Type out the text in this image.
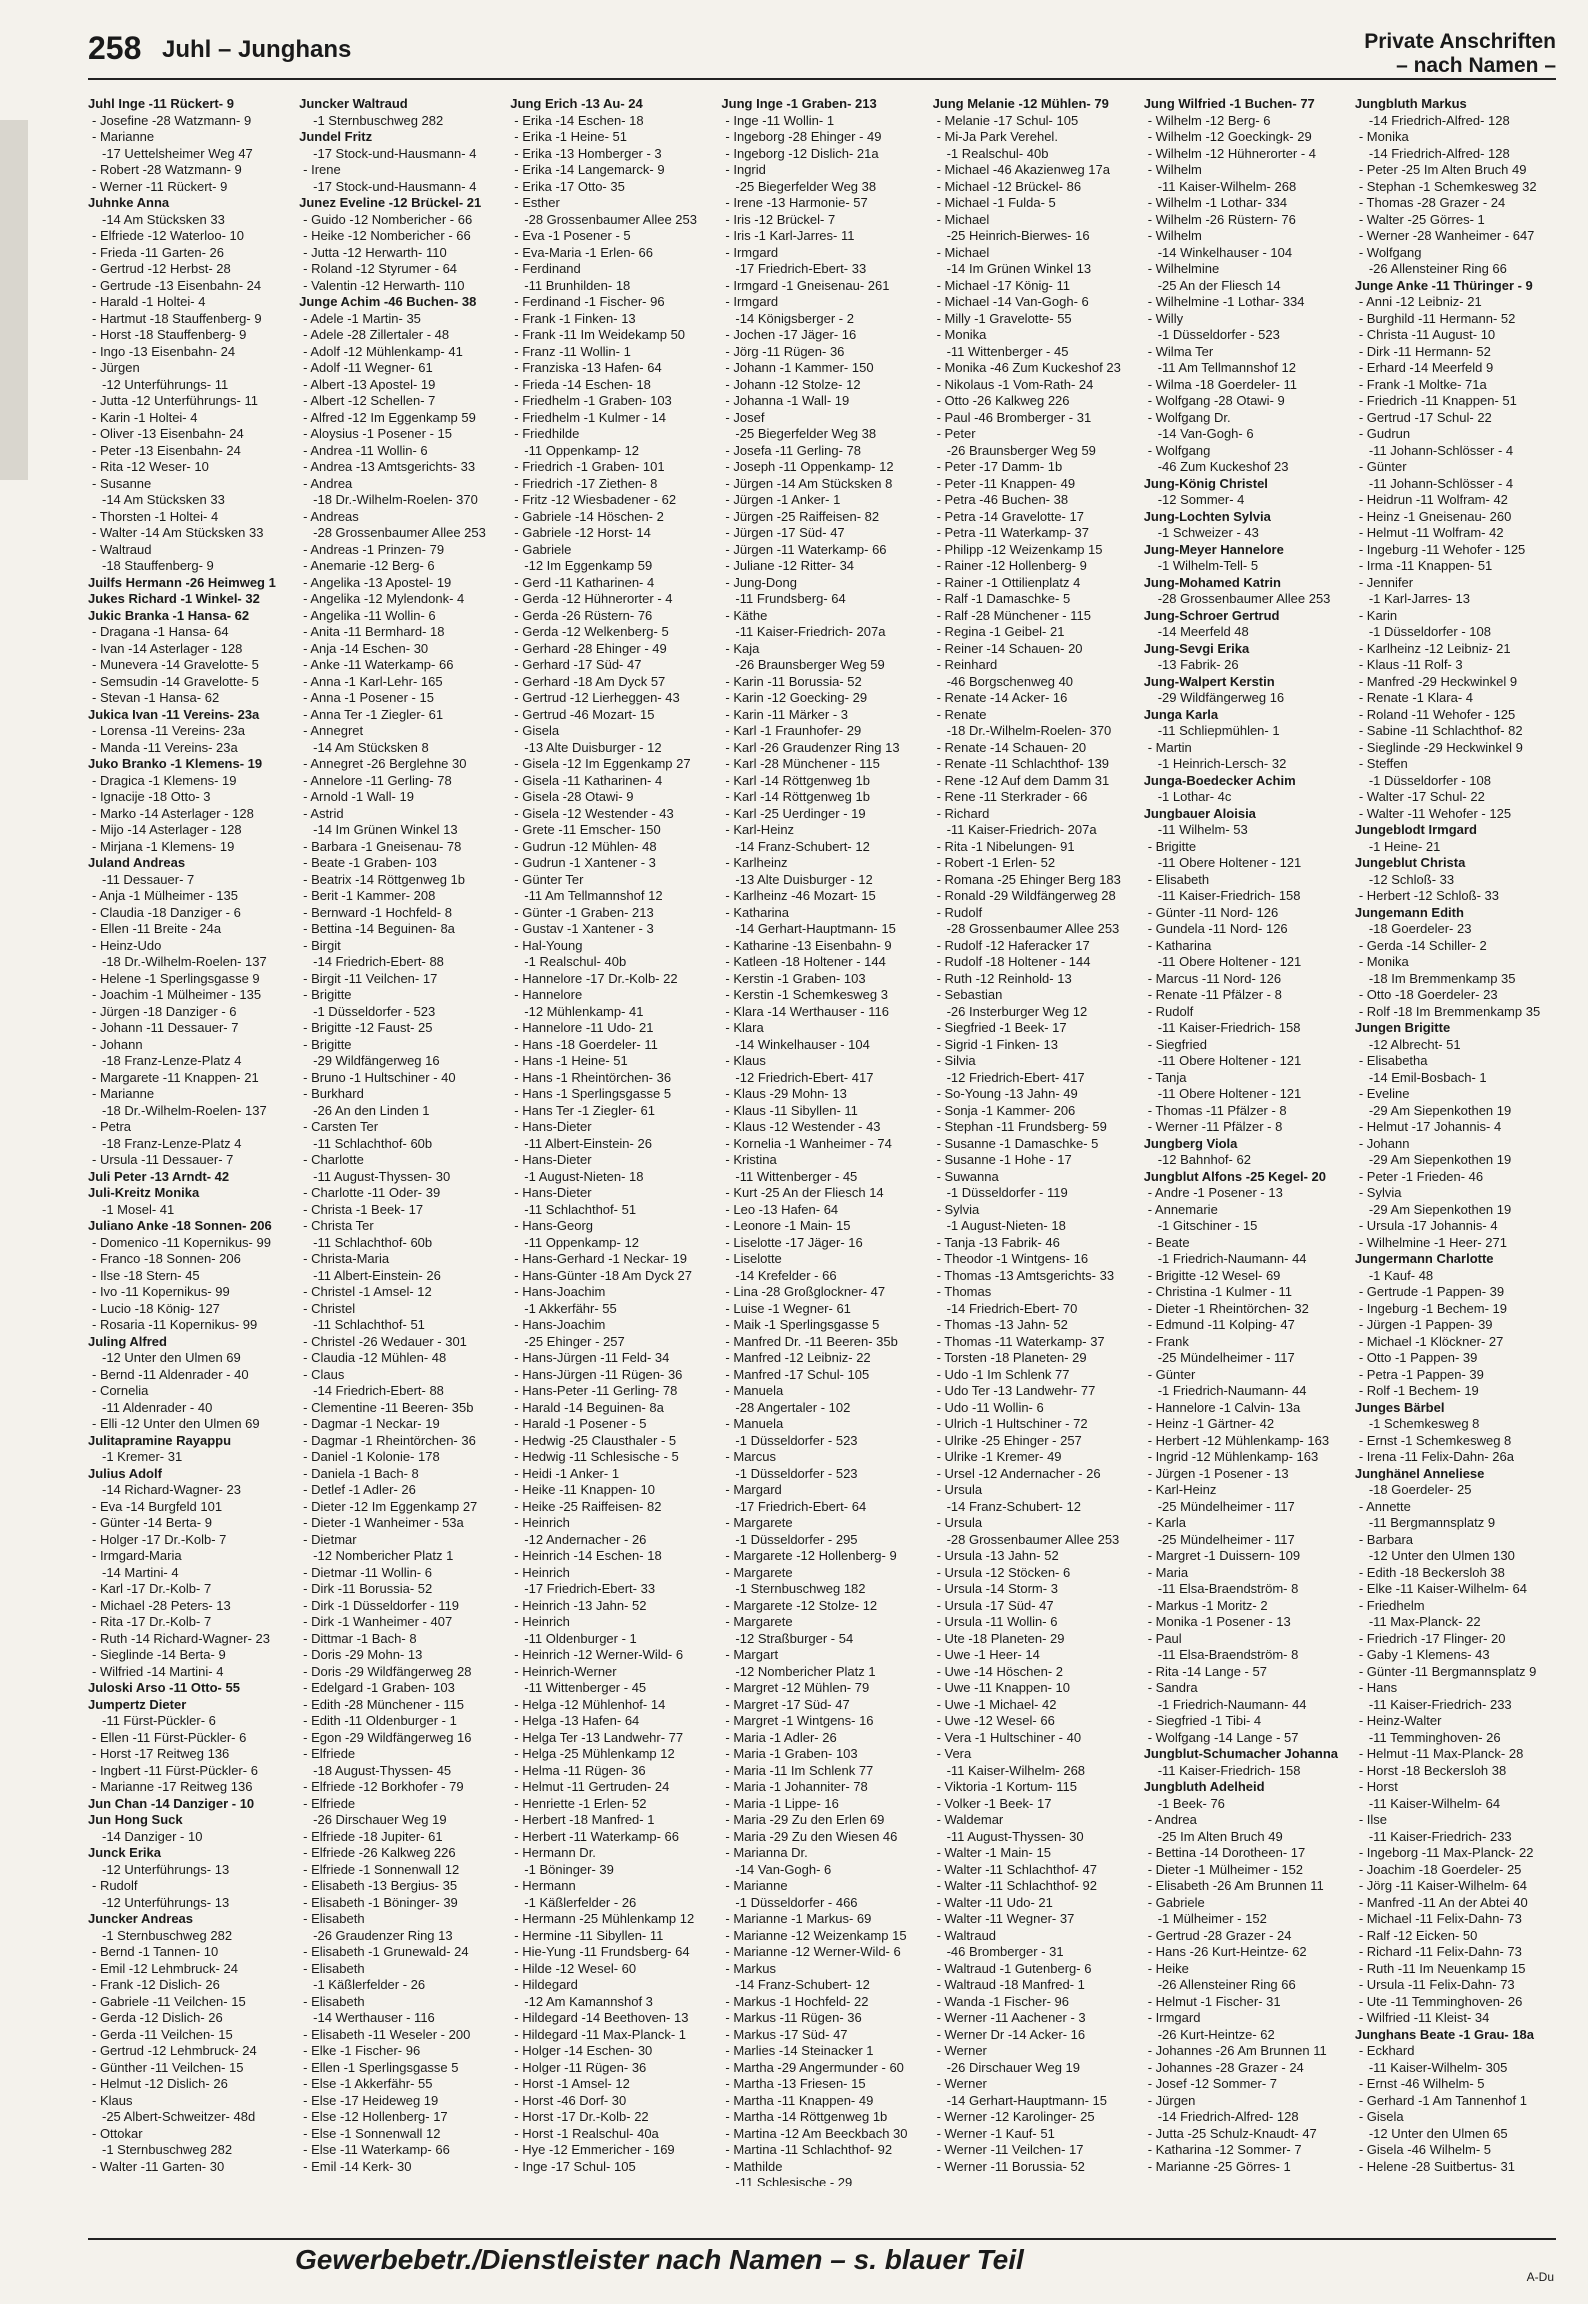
258 Juhl – Junghans	Private Anschriften
– nach Namen –
Juhl Inge -11 Rückert- 9
- Josefine -28 Watzmann- 9
- Marianne
-17 Uettelsheimer Weg 47
- Robert -28 Watzmann- 9
- Werner -11 Rückert- 9
Juhnke Anna
-14 Am Stücksken 33
- Elfriede -12 Waterloo- 10
- Frieda -11 Garten- 26
- Gertrud -12 Herbst- 28
- Gertrude -13 Eisenbahn- 24
- Harald -1 Holtei- 4
- Hartmut -18 Stauffenberg- 9
- Horst -18 Stauffenberg- 9
- Ingo -13 Eisenbahn- 24
- Jürgen
-12 Unterführungs- 11
- Jutta -12 Unterführungs- 11
- Karin -1 Holtei- 4
- Oliver -13 Eisenbahn- 24
- Peter -13 Eisenbahn- 24
- Rita -12 Weser- 10
- Susanne
-14 Am Stücksken 33
- Thorsten -1 Holtei- 4
- Walter -14 Am Stücksken 33
- Waltraud
-18 Stauffenberg- 9
Juilfs Hermann -26 Heimweg 1
Jukes Richard -1 Winkel- 32
Jukic Branka -1 Hansa- 62
- Dragana -1 Hansa- 64
- Ivan -14 Asterlager - 128
- Munevera -14 Gravelotte- 5
- Semsudin -14 Gravelotte- 5
- Stevan -1 Hansa- 62
Jukica Ivan -11 Vereins- 23a
- Lorensa -11 Vereins- 23a
- Manda -11 Vereins- 23a
Juko Branko -1 Klemens- 19
- Dragica -1 Klemens- 19
- Ignacije -18 Otto- 3
- Marko -14 Asterlager - 128
- Mijo -14 Asterlager - 128
- Mirjana -1 Klemens- 19
Juland Andreas
-11 Dessauer- 7
- Anja -1 Mülheimer - 135
- Claudia -18 Danziger - 6
- Ellen -11 Breite - 24a
- Heinz-Udo
-18 Dr.-Wilhelm-Roelen- 137
- Helene -1 Sperlingsgasse 9
- Joachim -1 Mülheimer - 135
- Jürgen -18 Danziger - 6
- Johann -11 Dessauer- 7
- Johann
-18 Franz-Lenze-Platz 4
- Margarete -11 Knappen- 21
- Marianne
-18 Dr.-Wilhelm-Roelen- 137
- Petra
-18 Franz-Lenze-Platz 4
- Ursula -11 Dessauer- 7
Juli Peter -13 Arndt- 42
Juli-Kreitz Monika
-1 Mosel- 41
Juliano Anke -18 Sonnen- 206
- Domenico -11 Kopernikus- 99
- Franco -18 Sonnen- 206
- Ilse -18 Stern- 45
- Ivo -11 Kopernikus- 99
- Lucio -18 König- 127
- Rosaria -11 Kopernikus- 99
Juling Alfred
-12 Unter den Ulmen 69
- Bernd -11 Aldenrader - 40
- Cornelia
-11 Aldenrader - 40
- Elli -12 Unter den Ulmen 69
Julitapramine Rayappu
-1 Kremer- 31
Julius Adolf
-14 Richard-Wagner- 23
- Eva -14 Burgfeld 101
- Günter -14 Berta- 9
- Holger -17 Dr.-Kolb- 7
- Irmgard-Maria
-14 Martini- 4
- Karl -17 Dr.-Kolb- 7
- Michael -28 Peters- 13
- Rita -17 Dr.-Kolb- 7
- Ruth -14 Richard-Wagner- 23
- Sieglinde -14 Berta- 9
- Wilfried -14 Martini- 4
Juloski Arso -11 Otto- 55
Jumpertz Dieter
-11 Fürst-Pückler- 6
- Ellen -11 Fürst-Pückler- 6
- Horst -17 Reitweg 136
- Ingbert -11 Fürst-Pückler- 6
- Marianne -17 Reitweg 136
Jun Chan -14 Danziger - 10
Jun Hong Suck
-14 Danziger - 10
Junck Erika
-12 Unterführungs- 13
- Rudolf
-12 Unterführungs- 13
Juncker Andreas
-1 Sternbuschweg 282
- Bernd -1 Tannen- 10
- Emil -12 Lehmbruck- 24
- Frank -12 Dislich- 26
- Gabriele -11 Veilchen- 15
- Gerda -12 Dislich- 26
- Gerda -11 Veilchen- 15
- Gertrud -12 Lehmbruck- 24
- Günther -11 Veilchen- 15
- Helmut -12 Dislich- 26
- Klaus
-25 Albert-Schweitzer- 48d
- Ottokar
-1 Sternbuschweg 282
- Walter -11 Garten- 30
Juncker Waltraud
-1 Sternbuschweg 282
Jundel Fritz
-17 Stock-und-Hausmann- 4
- Irene
-17 Stock-und-Hausmann- 4
Junez Eveline -12 Brückel- 21
- Guido -12 Nombericher - 66
- Heike -12 Nombericher - 66
- Jutta -12 Herwarth- 110
- Roland -12 Styrumer - 64
- Valentin -12 Herwarth- 110
Junge Achim -46 Buchen- 38
- Adele -1 Martin- 35
- Adele -28 Zillertaler - 48
- Adolf -12 Mühlenkamp- 41
- Adolf -11 Wegner- 61
- Albert -13 Apostel- 19
- Albert -12 Schellen- 7
- Alfred -12 Im Eggenkamp 59
- Aloysius -1 Posener - 15
- Andrea -11 Wollin- 6
- Andrea -13 Amtsgerichts- 33
- Andrea
-18 Dr.-Wilhelm-Roelen- 370
- Andreas
-28 Grossenbaumer Allee 253
- Andreas -1 Prinzen- 79
- Anemarie -12 Berg- 6
- Angelika -13 Apostel- 19
- Angelika -12 Mylendonk- 4
- Angelika -11 Wollin- 6
- Anita -11 Bermhard- 18
- Anja -14 Eschen- 30
- Anke -11 Waterkamp- 66
- Anna -1 Karl-Lehr- 165
- Anna -1 Posener - 15
- Anna Ter -1 Ziegler- 61
- Annegret
-14 Am Stücksken 8
- Annegret -26 Berglehne 30
- Annelore -11 Gerling- 78
- Arnold -1 Wall- 19
- Astrid
-14 Im Grünen Winkel 13
- Barbara -1 Gneisenau- 78
- Beate -1 Graben- 103
- Beatrix -14 Röttgenweg 1b
- Berit -1 Kammer- 208
- Bernward -1 Hochfeld- 8
- Bettina -14 Beguinen- 8a
- Birgit
-14 Friedrich-Ebert- 88
- Birgit -11 Veilchen- 17
- Brigitte
-1 Düsseldorfer - 523
- Brigitte -12 Faust- 25
- Brigitte
-29 Wildfängerweg 16
- Bruno -1 Hultschiner - 40
- Burkhard
-26 An den Linden 1
- Carsten Ter
-11 Schlachthof- 60b
- Charlotte
-11 August-Thyssen- 30
- Charlotte -11 Oder- 39
- Christa -1 Beek- 17
- Christa Ter
-11 Schlachthof- 60b
- Christa-Maria
-11 Albert-Einstein- 26
- Christel -1 Amsel- 12
- Christel
-11 Schlachthof- 51
- Christel -26 Wedauer - 301
- Claudia -12 Mühlen- 48
- Claus
-14 Friedrich-Ebert- 88
- Clementine -11 Beeren- 35b
- Dagmar -1 Neckar- 19
- Dagmar -1 Rheintörchen- 36
- Daniel -1 Kolonie- 178
- Daniela -1 Bach- 8
- Detlef -1 Adler- 26
- Dieter -12 Im Eggenkamp 27
- Dieter -1 Wanheimer - 53a
- Dietmar
-12 Nombericher Platz 1
- Dietmar -11 Wollin- 6
- Dirk -11 Borussia- 52
- Dirk -1 Düsseldorfer - 119
- Dirk -1 Wanheimer - 407
- Dittmar -1 Bach- 8
- Doris -29 Mohn- 13
- Doris -29 Wildfängerweg 28
- Edelgard -1 Graben- 103
- Edith -28 Münchener - 115
- Edith -11 Oldenburger - 1
- Egon -29 Wildfängerweg 16
- Elfriede
-18 August-Thyssen- 45
- Elfriede -12 Borkhofer - 79
- Elfriede
-26 Dirschauer Weg 19
- Elfriede -18 Jupiter- 61
- Elfriede -26 Kalkweg 226
- Elfriede -1 Sonnenwall 12
- Elisabeth -13 Bergius- 35
- Elisabeth -1 Böninger- 39
- Elisabeth
-26 Graudenzer Ring 13
- Elisabeth -1 Grunewald- 24
- Elisabeth
-1 Käßlerfelder - 26
- Elisabeth
-14 Werthauser - 116
- Elisabeth -11 Weseler - 200
- Elke -1 Fischer- 96
- Ellen -1 Sperlingsgasse 5
- Else -1 Akkerfähr- 55
- Else -17 Heideweg 19
- Else -12 Hollenberg- 17
- Else -1 Sonnenwall 12
- Else -11 Waterkamp- 66
- Emil -14 Kerk- 30
Jung Erich -13 Au- 24
- Erika -14 Eschen- 18
- Erika -1 Heine- 51
- Erika -13 Homberger - 3
- Erika -14 Langemarck- 9
- Erika -17 Otto- 35
- Esther
-28 Grossenbaumer Allee 253
- Eva -1 Posener - 5
- Eva-Maria -1 Erlen- 66
- Ferdinand
-11 Brunhilden- 18
- Ferdinand -1 Fischer- 96
- Frank -1 Finken- 13
- Frank -11 Im Weidekamp 50
- Franz -11 Wollin- 1
- Franziska -13 Hafen- 64
- Frieda -14 Eschen- 18
- Friedhelm -1 Graben- 103
- Friedhelm -1 Kulmer - 14
- Friedhilde
-11 Oppenkamp- 12
- Friedrich -1 Graben- 101
- Friedrich -17 Ziethen- 8
- Fritz -12 Wiesbadener - 62
- Gabriele -14 Höschen- 2
- Gabriele -12 Horst- 14
- Gabriele
-12 Im Eggenkamp 59
- Gerd -11 Katharinen- 4
- Gerda -12 Hühnerorter - 4
- Gerda -26 Rüstern- 76
- Gerda -12 Welkenberg- 5
- Gerhard -28 Ehinger - 49
- Gerhard -17 Süd- 47
- Gerhard -18 Am Dyck 57
- Gertrud -12 Lierheggen- 43
- Gertrud -46 Mozart- 15
- Gisela
-13 Alte Duisburger - 12
- Gisela -12 Im Eggenkamp 27
- Gisela -11 Katharinen- 4
- Gisela -28 Otawi- 9
- Gisela -12 Westender - 43
- Grete -11 Emscher- 150
- Gudrun -12 Mühlen- 48
- Gudrun -1 Xantener - 3
- Günter Ter
-11 Am Tellmannshof 12
- Günter -1 Graben- 213
- Gustav -1 Xantener - 3
- Hal-Young
-1 Realschul- 40b
- Hannelore -17 Dr.-Kolb- 22
- Hannelore
-12 Mühlenkamp- 41
- Hannelore -11 Udo- 21
- Hans -18 Goerdeler- 11
- Hans -1 Heine- 51
- Hans -1 Rheintörchen- 36
- Hans -1 Sperlingsgasse 5
- Hans Ter -1 Ziegler- 61
- Hans-Dieter
-11 Albert-Einstein- 26
- Hans-Dieter
-1 August-Nieten- 18
- Hans-Dieter
-11 Schlachthof- 51
- Hans-Georg
-11 Oppenkamp- 12
- Hans-Gerhard -1 Neckar- 19
- Hans-Günter -18 Am Dyck 27
- Hans-Joachim
-1 Akkerfähr- 55
- Hans-Joachim
-25 Ehinger - 257
- Hans-Jürgen -11 Feld- 34
- Hans-Jürgen -11 Rügen- 36
- Hans-Peter -11 Gerling- 78
- Harald -14 Beguinen- 8a
- Harald -1 Posener - 5
- Hedwig -25 Clausthaler - 5
- Hedwig -11 Schlesische - 5
- Heidi -1 Anker- 1
- Heike -11 Knappen- 10
- Heike -25 Raiffeisen- 82
- Heinrich
-12 Andernacher - 26
- Heinrich -14 Eschen- 18
- Heinrich
-17 Friedrich-Ebert- 33
- Heinrich -13 Jahn- 52
- Heinrich
-11 Oldenburger - 1
- Heinrich -12 Werner-Wild- 6
- Heinrich-Werner
-11 Wittenberger - 45
- Helga -12 Mühlenhof- 14
- Helga -13 Hafen- 64
- Helga Ter -13 Landwehr- 77
- Helga -25 Mühlenkamp 12
- Helma -11 Rügen- 36
- Helmut -11 Gertruden- 24
- Henriette -1 Erlen- 52
- Herbert -18 Manfred- 1
- Herbert -11 Waterkamp- 66
- Hermann Dr.
-1 Böninger- 39
- Hermann
-1 Käßlerfelder - 26
- Hermann -25 Mühlenkamp 12
- Hermine -11 Sibyllen- 11
- Hie-Yung -11 Frundsberg- 64
- Hilde -12 Wesel- 60
- Hildegard
-12 Am Kamannshof 3
- Hildegard -14 Beethoven- 13
- Hildegard -11 Max-Planck- 1
- Holger -14 Eschen- 30
- Holger -11 Rügen- 36
- Horst -1 Amsel- 12
- Horst -46 Dorf- 30
- Horst -17 Dr.-Kolb- 22
- Horst -1 Realschul- 40a
- Hye -12 Emmericher - 169
- Inge -17 Schul- 105
Jung Inge -1 Graben- 213
- Inge -11 Wollin- 1
- Ingeborg -28 Ehinger - 49
- Ingeborg -12 Dislich- 21a
- Ingrid
-25 Biegerfelder Weg 38
- Irene -13 Harmonie- 57
- Iris -12 Brückel- 7
- Iris -1 Karl-Jarres- 11
- Irmgard
-17 Friedrich-Ebert- 33
- Irmgard -1 Gneisenau- 261
- Irmgard
-14 Königsberger - 2
- Jochen -17 Jäger- 16
- Jörg -11 Rügen- 36
- Johann -1 Kammer- 150
- Johann -12 Stolze- 12
- Johanna -1 Wall- 19
- Josef
-25 Biegerfelder Weg 38
- Josefa -11 Gerling- 78
- Joseph -11 Oppenkamp- 12
- Jürgen -14 Am Stücksken 8
- Jürgen -1 Anker- 1
- Jürgen -25 Raiffeisen- 82
- Jürgen -17 Süd- 47
- Jürgen -11 Waterkamp- 66
- Juliane -12 Ritter- 34
- Jung-Dong
-11 Frundsberg- 64
- Käthe
-11 Kaiser-Friedrich- 207a
- Kaja
-26 Braunsberger Weg 59
- Karin -11 Borussia- 52
- Karin -12 Goecking- 29
- Karin -11 Märker - 3
- Karl -1 Fraunhofer- 29
- Karl -26 Graudenzer Ring 13
- Karl -28 Münchener - 115
- Karl -14 Röttgenweg 1b
- Karl -14 Röttgenweg 1b
- Karl -25 Uerdinger - 19
- Karl-Heinz
-14 Franz-Schubert- 12
- Karlheinz
-13 Alte Duisburger - 12
- Karlheinz -46 Mozart- 15
- Katharina
-14 Gerhart-Hauptmann- 15
- Katharine -13 Eisenbahn- 9
- Katleen -18 Holtener - 144
- Kerstin -1 Graben- 103
- Kerstin -1 Schemkesweg 3
- Klara -14 Werthauser - 116
- Klara
-14 Winkelhauser - 104
- Klaus
-12 Friedrich-Ebert- 417
- Klaus -29 Mohn- 13
- Klaus -11 Sibyllen- 11
- Klaus -12 Westender - 43
- Kornelia -1 Wanheimer - 74
- Kristina
-11 Wittenberger - 45
- Kurt -25 An der Fliesch 14
- Leo -13 Hafen- 64
- Leonore -1 Main- 15
- Liselotte -17 Jäger- 16
- Liselotte
-14 Krefelder - 66
- Lina -28 Großglockner- 47
- Luise -1 Wegner- 61
- Maik -1 Sperlingsgasse 5
- Manfred Dr. -11 Beeren- 35b
- Manfred -12 Leibniz- 22
- Manfred -17 Schul- 105
- Manuela
-28 Angertaler - 102
- Manuela
-1 Düsseldorfer - 523
- Marcus
-1 Düsseldorfer - 523
- Margard
-17 Friedrich-Ebert- 64
- Margarete
-1 Düsseldorfer - 295
- Margarete -12 Hollenberg- 9
- Margarete
-1 Sternbuschweg 182
- Margarete -12 Stolze- 12
- Margarete
-12 Straßburger - 54
- Margart
-12 Nombericher Platz 1
- Margret -12 Mühlen- 79
- Margret -17 Süd- 47
- Margret -1 Wintgens- 16
- Maria -1 Adler- 26
- Maria -1 Graben- 103
- Maria -11 Im Schlenk 77
- Maria -1 Johanniter- 78
- Maria -1 Lippe- 16
- Maria -29 Zu den Erlen 69
- Maria -29 Zu den Wiesen 46
- Marianna Dr.
-14 Van-Gogh- 6
- Marianne
-1 Düsseldorfer - 466
- Marianne -1 Markus- 69
- Marianne -12 Weizenkamp 15
- Marianne -12 Werner-Wild- 6
- Markus
-14 Franz-Schubert- 12
- Markus -1 Hochfeld- 22
- Markus -11 Rügen- 36
- Markus -17 Süd- 47
- Marlies -14 Steinacker 1
- Martha -29 Angermunder - 60
- Martha -13 Friesen- 15
- Martha -11 Knappen- 49
- Martha -14 Röttgenweg 1b
- Martina -12 Am Beeckbach 30
- Martina -11 Schlachthof- 92
- Mathilde
-11 Schlesische - 29
Jung Melanie -12 Mühlen- 79
- Melanie -17 Schul- 105
- Mi-Ja Park Verehel.
-1 Realschul- 40b
- Michael -46 Akazienweg 17a
- Michael -12 Brückel- 86
- Michael -1 Fulda- 5
- Michael
-25 Heinrich-Bierwes- 16
- Michael
-14 Im Grünen Winkel 13
- Michael -17 König- 11
- Michael -14 Van-Gogh- 6
- Milly -1 Gravelotte- 55
- Monika
-11 Wittenberger - 45
- Monika -46 Zum Kuckeshof 23
- Nikolaus -1 Vom-Rath- 24
- Otto -26 Kalkweg 226
- Paul -46 Bromberger - 31
- Peter
-26 Braunsberger Weg 59
- Peter -17 Damm- 1b
- Peter -11 Knappen- 49
- Petra -46 Buchen- 38
- Petra -14 Gravelotte- 17
- Petra -11 Waterkamp- 37
- Philipp -12 Weizenkamp 15
- Rainer -12 Hollenberg- 9
- Rainer -1 Ottilienplatz 4
- Ralf -1 Damaschke- 5
- Ralf -28 Münchener - 115
- Regina -1 Geibel- 21
- Reiner -14 Schauen- 20
- Reinhard
-46 Borgschenweg 40
- Renate -14 Acker- 16
- Renate
-18 Dr.-Wilhelm-Roelen- 370
- Renate -14 Schauen- 20
- Renate -11 Schlachthof- 139
- Rene -12 Auf dem Damm 31
- Rene -11 Sterkrader - 66
- Richard
-11 Kaiser-Friedrich- 207a
- Rita -1 Nibelungen- 91
- Robert -1 Erlen- 52
- Romana -25 Ehinger Berg 183
- Ronald -29 Wildfängerweg 28
- Rudolf
-28 Grossenbaumer Allee 253
- Rudolf -12 Haferacker 17
- Rudolf -18 Holtener - 144
- Ruth -12 Reinhold- 13
- Sebastian
-26 Insterburger Weg 12
- Siegfried -1 Beek- 17
- Sigrid -1 Finken- 13
- Silvia
-12 Friedrich-Ebert- 417
- So-Young -13 Jahn- 49
- Sonja -1 Kammer- 206
- Stephan -11 Frundsberg- 59
- Susanne -1 Damaschke- 5
- Susanne -1 Hohe - 17
- Suwanna
-1 Düsseldorfer - 119
- Sylvia
-1 August-Nieten- 18
- Tanja -13 Fabrik- 46
- Theodor -1 Wintgens- 16
- Thomas -13 Amtsgerichts- 33
- Thomas
-14 Friedrich-Ebert- 70
- Thomas -13 Jahn- 52
- Thomas -11 Waterkamp- 37
- Torsten -18 Planeten- 29
- Udo -1 Im Schlenk 77
- Udo Ter -13 Landwehr- 77
- Udo -11 Wollin- 6
- Ulrich -1 Hultschiner - 72
- Ulrike -25 Ehinger - 257
- Ulrike -1 Kremer- 49
- Ursel -12 Andernacher - 26
- Ursula
-14 Franz-Schubert- 12
- Ursula
-28 Grossenbaumer Allee 253
- Ursula -13 Jahn- 52
- Ursula -12 Stöcken- 6
- Ursula -14 Storm- 3
- Ursula -17 Süd- 47
- Ursula -11 Wollin- 6
- Ute -18 Planeten- 29
- Uwe -1 Heer- 14
- Uwe -14 Höschen- 2
- Uwe -11 Knappen- 10
- Uwe -1 Michael- 42
- Uwe -12 Wesel- 66
- Vera -1 Hultschiner - 40
- Vera
-11 Kaiser-Wilhelm- 268
- Viktoria -1 Kortum- 115
- Volker -1 Beek- 17
- Waldemar
-11 August-Thyssen- 30
- Walter -1 Main- 15
- Walter -11 Schlachthof- 47
- Walter -11 Schlachthof- 92
- Walter -11 Udo- 21
- Walter -11 Wegner- 37
- Waltraud
-46 Bromberger - 31
- Waltraud -1 Gutenberg- 6
- Waltraud -18 Manfred- 1
- Wanda -1 Fischer- 96
- Werner -11 Aachener - 3
- Werner Dr -14 Acker- 16
- Werner
-26 Dirschauer Weg 19
- Werner
-14 Gerhart-Hauptmann- 15
- Werner -12 Karolinger- 25
- Werner -1 Kauf- 51
- Werner -11 Veilchen- 17
- Werner -11 Borussia- 52
Jung Wilfried -1 Buchen- 77
- Wilhelm -12 Berg- 6
- Wilhelm -12 Goeckingk- 29
- Wilhelm -12 Hühnerorter - 4
- Wilhelm
-11 Kaiser-Wilhelm- 268
- Wilhelm -1 Lothar- 334
- Wilhelm -26 Rüstern- 76
- Wilhelm
-14 Winkelhauser - 104
- Wilhelmine
-25 An der Fliesch 14
- Wilhelmine -1 Lothar- 334
- Willy
-1 Düsseldorfer - 523
- Wilma Ter
-11 Am Tellmannshof 12
- Wilma -18 Goerdeler- 11
- Wolfgang -28 Otawi- 9
- Wolfgang Dr.
-14 Van-Gogh- 6
- Wolfgang
-46 Zum Kuckeshof 23
Jung-König Christel
-12 Sommer- 4
Jung-Lochten Sylvia
-1 Schweizer - 43
Jung-Meyer Hannelore
-1 Wilhelm-Tell- 5
Jung-Mohamed Katrin
-28 Grossenbaumer Allee 253
Jung-Schroer Gertrud
-14 Meerfeld 48
Jung-Sevgi Erika
-13 Fabrik- 26
Jung-Walpert Kerstin
-29 Wildfängerweg 16
Junga Karla
-11 Schliepmühlen- 1
- Martin
-1 Heinrich-Lersch- 32
Junga-Boedecker Achim
-1 Lothar- 4c
Jungbauer Aloisia
-11 Wilhelm- 53
- Brigitte
-11 Obere Holtener - 121
- Elisabeth
-11 Kaiser-Friedrich- 158
- Günter -11 Nord- 126
- Gundela -11 Nord- 126
- Katharina
-11 Obere Holtener - 121
- Marcus -11 Nord- 126
- Renate -11 Pfälzer - 8
- Rudolf
-11 Kaiser-Friedrich- 158
- Siegfried
-11 Obere Holtener - 121
- Tanja
-11 Obere Holtener - 121
- Thomas -11 Pfälzer - 8
- Werner -11 Pfälzer - 8
Jungberg Viola
-12 Bahnhof- 62
Jungblut Alfons -25 Kegel- 20
- Andre -1 Posener - 13
- Annemarie
-1 Gitschiner - 15
- Beate
-1 Friedrich-Naumann- 44
- Brigitte -12 Wesel- 69
- Christina -1 Kulmer - 11
- Dieter -1 Rheintörchen- 32
- Edmund -11 Kolping- 47
- Frank
-25 Mündelheimer - 117
- Günter
-1 Friedrich-Naumann- 44
- Hannelore -1 Calvin- 13a
- Heinz -1 Gärtner- 42
- Herbert -12 Mühlenkamp- 163
- Ingrid -12 Mühlenkamp- 163
- Jürgen -1 Posener - 13
- Karl-Heinz
-25 Mündelheimer - 117
- Karla
-25 Mündelheimer - 117
- Margret -1 Duissern- 109
- Maria
-11 Elsa-Braendström- 8
- Markus -1 Moritz- 2
- Monika -1 Posener - 13
- Paul
-11 Elsa-Braendström- 8
- Rita -14 Lange - 57
- Sandra
-1 Friedrich-Naumann- 44
- Siegfried -1 Tibi- 4
- Wolfgang -14 Lange - 57
Jungblut-Schumacher Johanna
-11 Kaiser-Friedrich- 158
Jungbluth Adelheid
-1 Beek- 76
- Andrea
-25 Im Alten Bruch 49
- Bettina -14 Dorotheen- 17
- Dieter -1 Mülheimer - 152
- Elisabeth -26 Am Brunnen 11
- Gabriele
-1 Mülheimer - 152
- Gertrud -28 Grazer - 24
- Hans -26 Kurt-Heintze- 62
- Heike
-26 Allensteiner Ring 66
- Helmut -1 Fischer- 31
- Irmgard
-26 Kurt-Heintze- 62
- Johannes -26 Am Brunnen 11
- Johannes -28 Grazer - 24
- Josef -12 Sommer- 7
- Jürgen
-14 Friedrich-Alfred- 128
- Jutta -25 Schulz-Knaudt- 47
- Katharina -12 Sommer- 7
- Marianne -25 Görres- 1
Jungbluth Markus
-14 Friedrich-Alfred- 128
- Monika
-14 Friedrich-Alfred- 128
- Peter -25 Im Alten Bruch 49
- Stephan -1 Schemkesweg 32
- Thomas -28 Grazer - 24
- Walter -25 Görres- 1
- Werner -28 Wanheimer - 647
- Wolfgang
-26 Allensteiner Ring 66
Junge Anke -11 Thüringer - 9
- Anni -12 Leibniz- 21
- Burghild -11 Hermann- 52
- Christa -11 August- 10
- Dirk -11 Hermann- 52
- Erhard -14 Meerfeld 9
- Frank -1 Moltke- 71a
- Friedrich -11 Knappen- 51
- Gertrud -17 Schul- 22
- Gudrun
-11 Johann-Schlösser - 4
- Günter
-11 Johann-Schlösser - 4
- Heidrun -11 Wolfram- 42
- Heinz -1 Gneisenau- 260
- Helmut -11 Wolfram- 42
- Ingeburg -11 Wehofer - 125
- Irma -11 Knappen- 51
- Jennifer
-1 Karl-Jarres- 13
- Karin
-1 Düsseldorfer - 108
- Karlheinz -12 Leibniz- 21
- Klaus -11 Rolf- 3
- Manfred -29 Heckwinkel 9
- Renate -1 Klara- 4
- Roland -11 Wehofer - 125
- Sabine -11 Schlachthof- 82
- Sieglinde -29 Heckwinkel 9
- Steffen
-1 Düsseldorfer - 108
- Walter -17 Schul- 22
- Walter -11 Wehofer - 125
Jungeblodt Irmgard
-1 Heine- 21
Jungeblut Christa
-12 Schloß- 33
- Herbert -12 Schloß- 33
Jungemann Edith
-18 Goerdeler- 23
- Gerda -14 Schiller- 2
- Monika
-18 Im Bremmenkamp 35
- Otto -18 Goerdeler- 23
- Rolf -18 Im Bremmenkamp 35
Jungen Brigitte
-12 Albrecht- 51
- Elisabetha
-14 Emil-Bosbach- 1
- Eveline
-29 Am Siepenkothen 19
- Helmut -17 Johannis- 4
- Johann
-29 Am Siepenkothen 19
- Peter -1 Frieden- 46
- Sylvia
-29 Am Siepenkothen 19
- Ursula -17 Johannis- 4
- Wilhelmine -1 Heer- 271
Jungermann Charlotte
-1 Kauf- 48
- Gertrude -1 Pappen- 39
- Ingeburg -1 Bechem- 19
- Jürgen -1 Pappen- 39
- Michael -1 Klöckner- 27
- Otto -1 Pappen- 39
- Petra -1 Pappen- 39
- Rolf -1 Bechem- 19
Junges Bärbel
-1 Schemkesweg 8
- Ernst -1 Schemkesweg 8
- Irena -11 Felix-Dahn- 26a
Junghänel Anneliese
-18 Goerdeler- 25
- Annette
-11 Bergmannsplatz 9
- Barbara
-12 Unter den Ulmen 130
- Edith -18 Beckersloh 38
- Elke -11 Kaiser-Wilhelm- 64
- Friedhelm
-11 Max-Planck- 22
- Friedrich -17 Flinger- 20
- Gaby -1 Klemens- 43
- Günter -11 Bergmannsplatz 9
- Hans
-11 Kaiser-Friedrich- 233
- Heinz-Walter
-11 Temminghoven- 26
- Helmut -11 Max-Planck- 28
- Horst -18 Beckersloh 38
- Horst
-11 Kaiser-Wilhelm- 64
- Ilse
-11 Kaiser-Friedrich- 233
- Ingeborg -11 Max-Planck- 22
- Joachim -18 Goerdeler- 25
- Jörg -11 Kaiser-Wilhelm- 64
- Manfred -11 An der Abtei 40
- Michael -11 Felix-Dahn- 73
- Ralf -12 Eicken- 50
- Richard -11 Felix-Dahn- 73
- Ruth -11 Im Neuenkamp 15
- Ursula -11 Felix-Dahn- 73
- Ute -11 Temminghoven- 26
- Wilfried -11 Kleist- 34
Junghans Beate -1 Grau- 18a
- Eckhard
-11 Kaiser-Wilhelm- 305
- Ernst -46 Wilhelm- 5
- Gerhard -1 Am Tannenhof 1
- Gisela
-12 Unter den Ulmen 65
- Gisela -46 Wilhelm- 5
- Helene -28 Suitbertus- 31
Gewerbebetr./Dienstleister nach Namen – s. blauer Teil
A-Du
